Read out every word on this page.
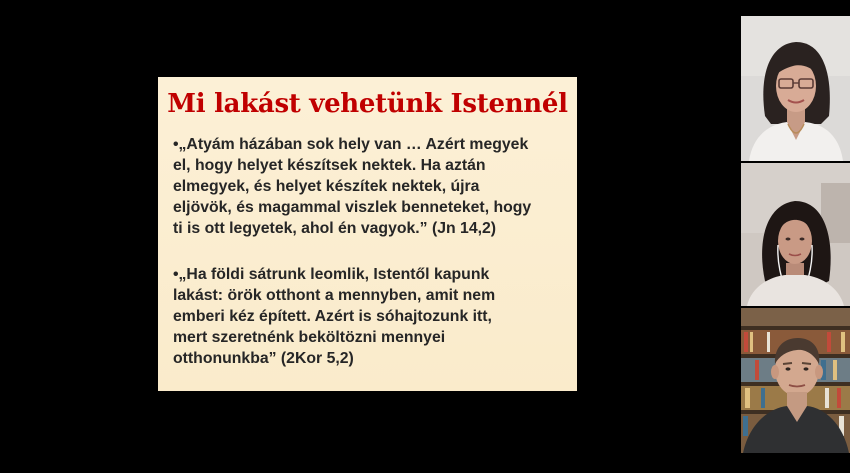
Mi lakást vehetünk Istennél
•„Atyám házában sok hely van … Azért megyek
el, hogy helyet készítsek nektek. Ha aztán
elmegyek, és helyet készítek nektek, újra
eljövök, és magammal viszlek benneteket, hogy
ti is ott legyetek, ahol én vagyok.” (Jn 14,2)
•„Ha földi sátrunk leomlik, Istentől kapunk
lakást: örök otthont a mennyben, amit nem
emberi kéz épített. Azért is sóhajtozunk itt,
mert szeretnénk beköltözni mennyei
otthonunkba” (2Kor 5,2)
